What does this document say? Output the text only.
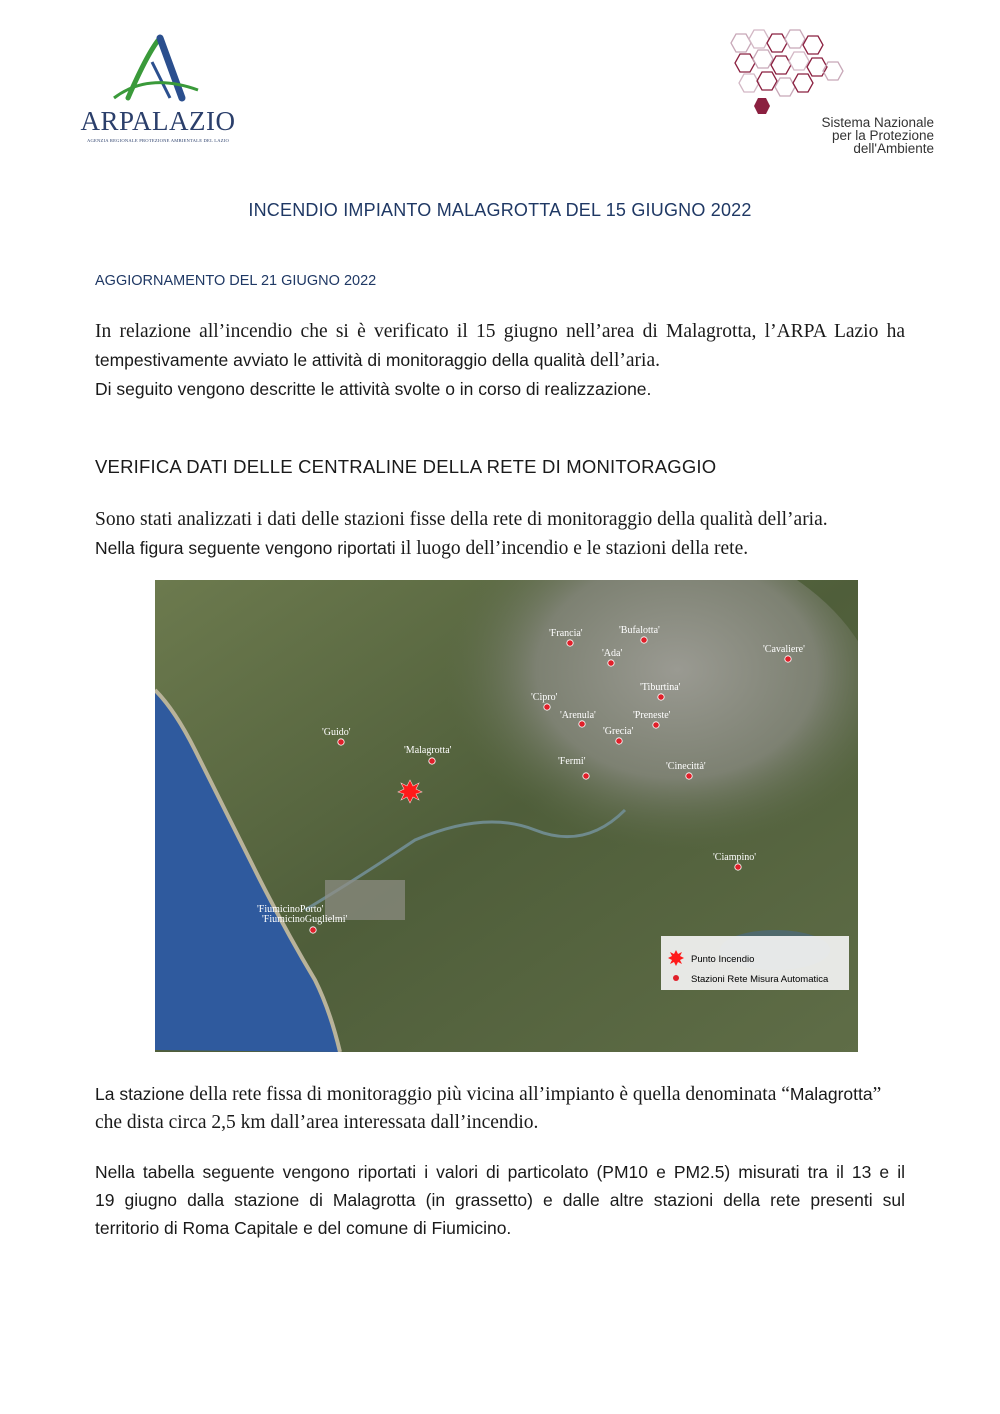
ARPALAZIO
AGENZIA REGIONALE PROTEZIONE AMBIENTALE DEL LAZIO
Sistema Nazionale
per la Protezione
dell'Ambiente
INCENDIO IMPIANTO MALAGROTTA DEL 15 GIUGNO 2022
AGGIORNAMENTO DEL 21 GIUGNO 2022
In relazione all’incendio che si è verificato il 15 giugno nell’area di Malagrotta, l’ARPA Lazio ha
tempestivamente avviato le attività di monitoraggio della qualità dell’aria.
Di seguito vengono descritte le attività svolte o in corso di realizzazione.
VERIFICA DATI DELLE CENTRALINE DELLA RETE DI MONITORAGGIO
Sono stati analizzati i dati delle stazioni fisse della rete di monitoraggio della qualità dell’aria.
Nella figura seguente vengono riportati il luogo dell’incendio e le stazioni della rete.
'Francia'	'Bufalotta'
'Ada'	'Cavaliere'
'Cipro'
'Tiburtina'
'Arenula'	'Preneste'
'Grecia'
'Guido'
'Malagrotta'
'Fermi'	'Cinecittà'
'Ciampino'
'FiumicinoPorto'
'FiumicinoGuglielmi'
Punto Incendio
Stazioni Rete Misura Automatica
La stazione della rete fissa di monitoraggio più vicina all’impianto è quella denominata “Malagrotta”
che dista circa 2,5 km dall’area interessata dall’incendio.
Nella tabella seguente vengono riportati i valori di particolato (PM10 e PM2.5) misurati tra il 13 e il
19 giugno dalla stazione di Malagrotta (in grassetto) e dalle altre stazioni della rete presenti sul
territorio di Roma Capitale e del comune di Fiumicino.
